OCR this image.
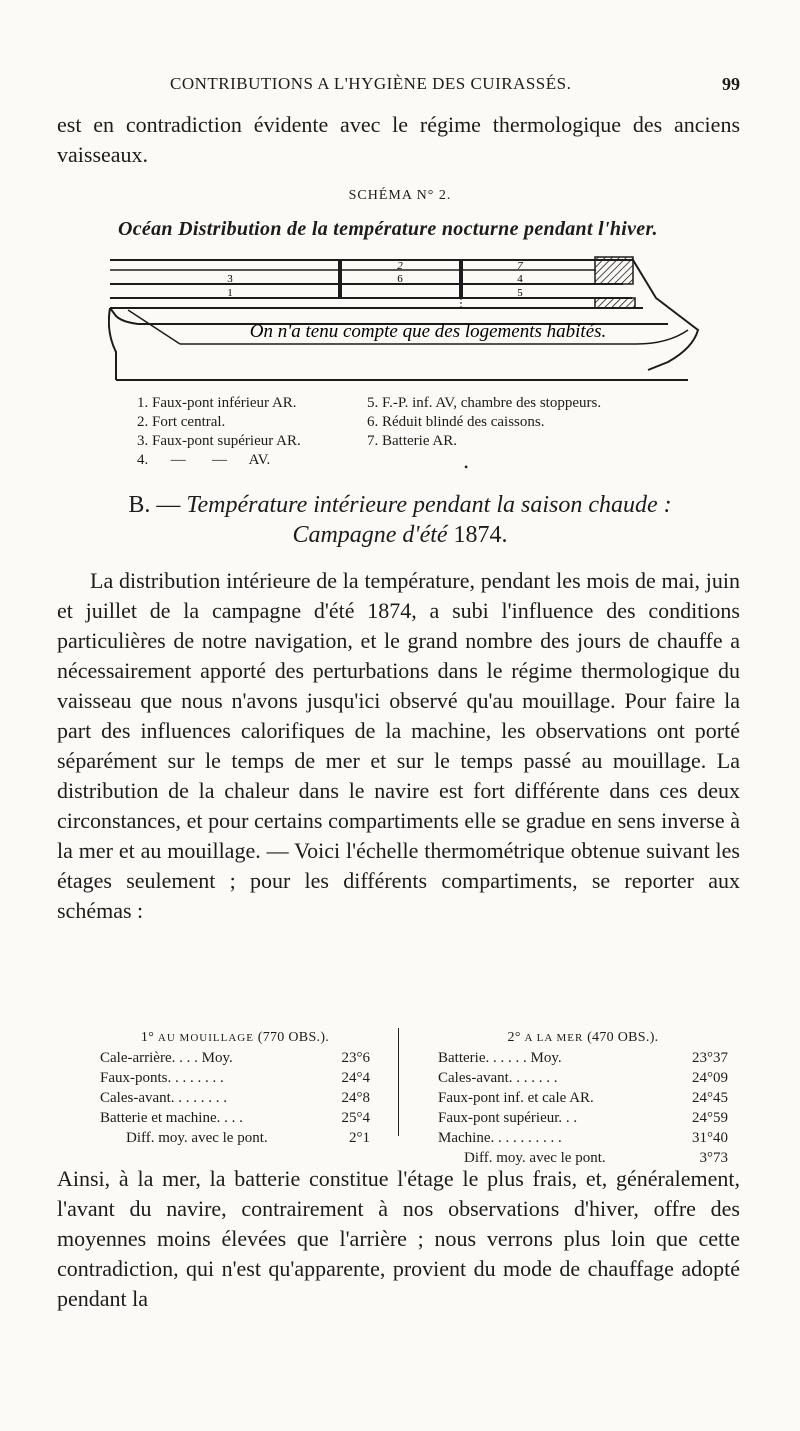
CONTRIBUTIONS A L'HYGIÈNE DES CUIRASSÉS.	99

est en contradiction évidente avec le régime thermologique des anciens vaisseaux.

SCHÉMA N° 2.
Océan Distribution de la température nocturne pendant l'hiver.
2	7
3	6	4
1	5
On n'a tenu compte que des logements habités.
1. Faux-pont inférieur AR.
2. Fort central.
3. Faux-pont supérieur AR.
4.      —       —      AV.
5. F.-P. inf. AV, chambre des stoppeurs.
6. Réduit blindé des caissons.
7. Batterie AR.
•
B. — Température intérieure pendant la saison chaude :
Campagne d'été 1874.

La distribution intérieure de la température, pendant les mois de mai, juin et juillet de la campagne d'été 1874, a subi l'influence des conditions particulières de notre navigation, et le grand nombre des jours de chauffe a nécessairement apporté des perturbations dans le régime thermologique du vaisseau que nous n'avons jusqu'ici observé qu'au mouillage. Pour faire la part des influences calorifiques de la machine, les observations ont porté séparément sur le temps de mer et sur le temps passé au mouillage. La distribution de la chaleur dans le navire est fort différente dans ces deux circonstances, et pour certains compartiments elle se gradue en sens inverse à la mer et au mouillage. — Voici l'échelle thermométrique obtenue suivant les étages seulement ; pour les différents compartiments, se reporter aux schémas :

1° AU MOUILLAGE (770 OBS.).
Cale-arrière. . . . Moy.	23°6
Faux-ponts. . . . . . . .	24°4
Cales-avant. . . . . . . .	24°8
Batterie et machine. . . .	25°4
Diff. moy. avec le pont.	2°1
2° A LA MER (470 OBS.).
Batterie. . . . . . Moy.	23°37
Cales-avant. . . . . . .	24°09
Faux-pont inf. et cale AR.	24°45
Faux-pont supérieur. . .	24°59
Machine. . . . . . . . . .	31°40
Diff. moy. avec le pont.	3°73

Ainsi, à la mer, la batterie constitue l'étage le plus frais, et, généralement, l'avant du navire, contrairement à nos observations d'hiver, offre des moyennes moins élevées que l'arrière ; nous verrons plus loin que cette contradiction, qui n'est qu'apparente, provient du mode de chauffage adopté pendant la
